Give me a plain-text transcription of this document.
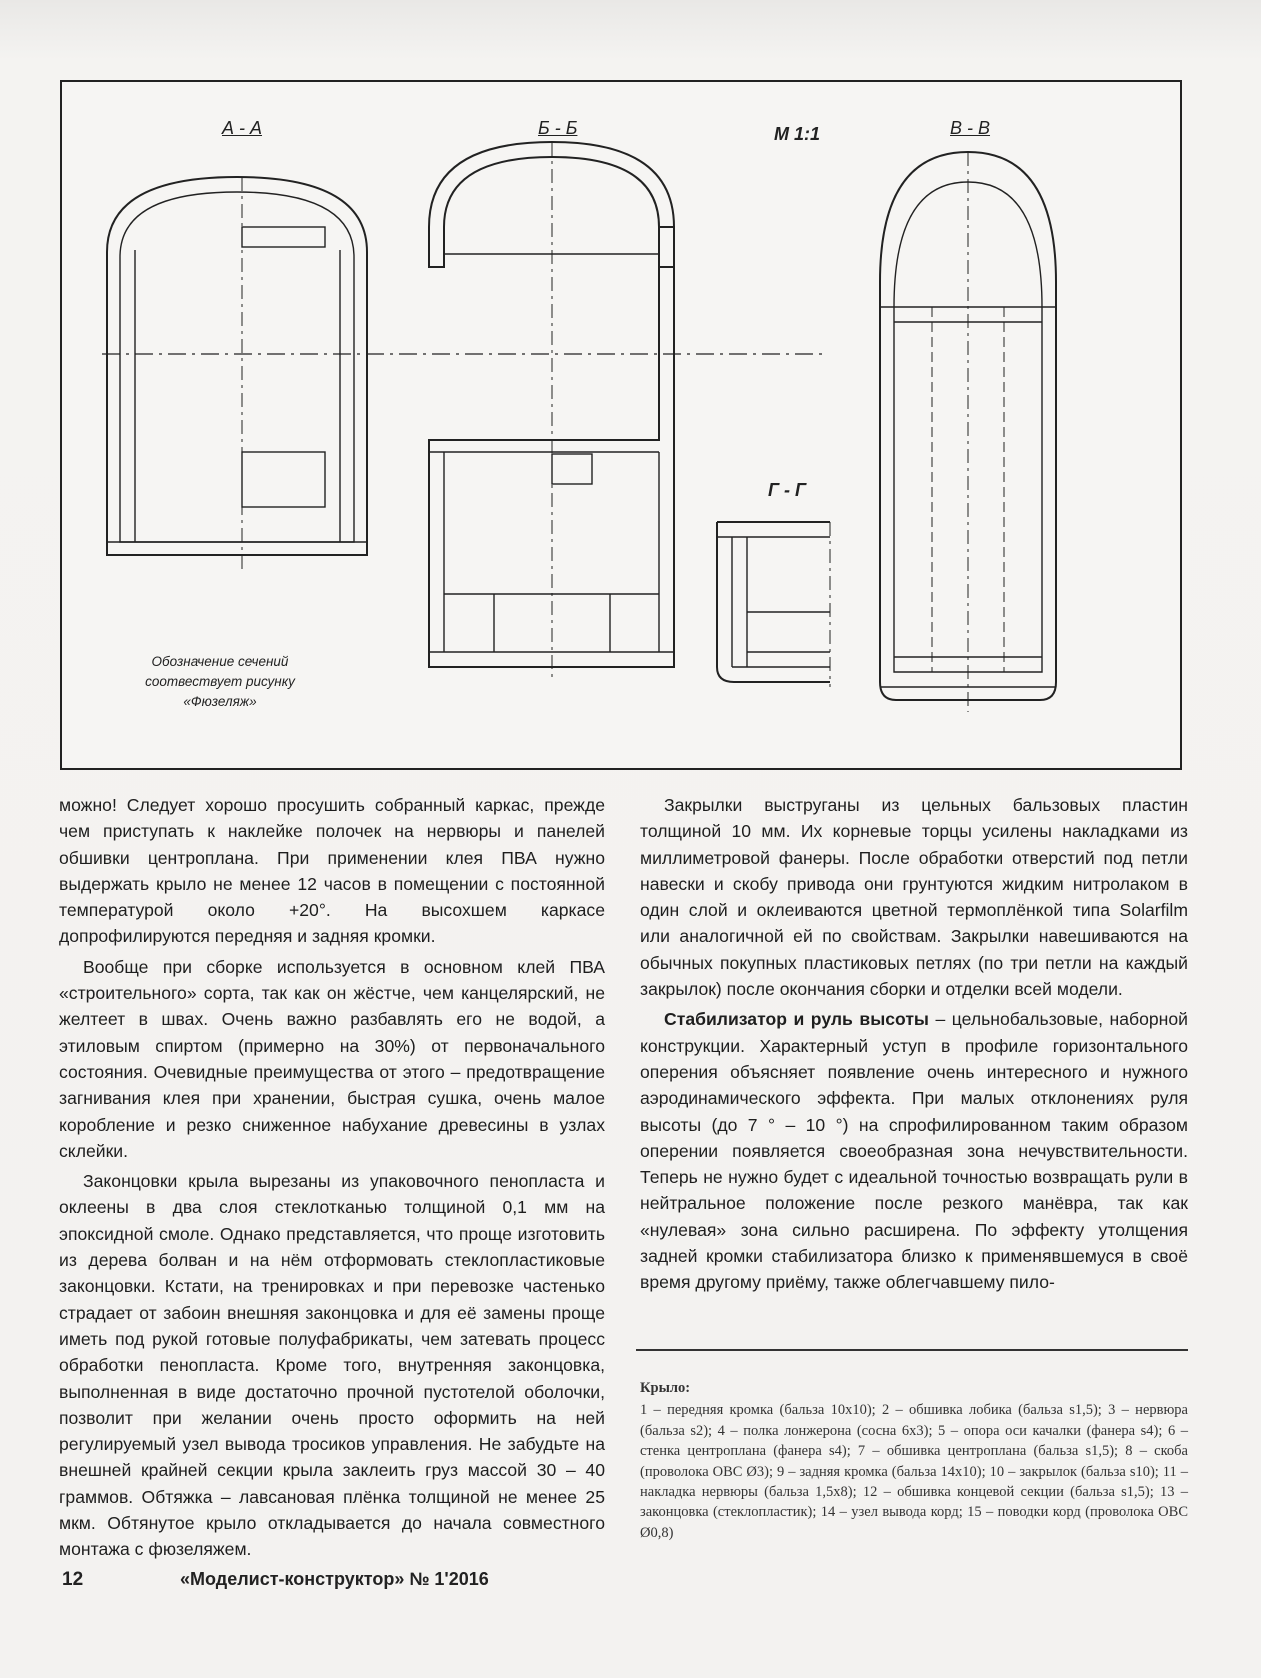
А - А	Б - Б	М 1:1	В - В
Г - Г
Обозначение сечений
соотвествует рисунку
«Фюзеляж»

можно! Следует хорошо просушить собранный каркас, прежде чем приступать к наклейке полочек на нервюры и панелей обшивки центроплана. При применении клея ПВА нужно выдержать крыло не менее 12 часов в помещении с постоянной температурой около +20°. На высохшем каркасе допрофилируются передняя и задняя кромки.

Вообще при сборке используется в основном клей ПВА «строительного» сорта, так как он жёстче, чем канцелярский, не желтеет в швах. Очень важно разбавлять его не водой, а этиловым спиртом (примерно на 30%) от первоначального состояния. Очевидные преимущества от этого – предотвращение загнивания клея при хранении, быстрая сушка, очень малое коробление и резко сниженное набухание древесины в узлах склейки.

Законцовки крыла вырезаны из упаковочного пенопласта и оклеены в два слоя стеклотканью толщиной 0,1 мм на эпоксидной смоле. Однако представляется, что проще изготовить из дерева болван и на нём отформовать стеклопластиковые законцовки. Кстати, на тренировках и при перевозке частенько страдает от забоин внешняя законцовка и для её замены проще иметь под рукой готовые полуфабрикаты, чем затевать процесс обработки пенопласта. Кроме того, внутренняя законцовка, выполненная в виде достаточно прочной пустотелой оболочки, позволит при желании очень просто оформить на ней регулируемый узел вывода тросиков управления. Не забудьте на внешней крайней секции крыла заклеить груз массой 30 – 40 граммов. Обтяжка – лавсановая плёнка толщиной не менее 25 мкм. Обтянутое крыло откладывается до начала совместного монтажа с фюзеляжем.

Закрылки выструганы из цельных бальзовых пластин толщиной 10 мм. Их корневые торцы усилены накладками из миллиметровой фанеры. После обработки отверстий под петли навески и скобу привода они грунтуются жидким нитролаком в один слой и оклеиваются цветной термоплёнкой типа Solarfilm или аналогичной ей по свойствам. Закрылки навешиваются на обычных покупных пластиковых петлях (по три петли на каждый закрылок) после окончания сборки и отделки всей модели.

Стабилизатор и руль высоты – цельнобальзовые, наборной конструкции. Характерный уступ в профиле горизонтального оперения объясняет появление очень интересного и нужного аэродинамического эффекта. При малых отклонениях руля высоты (до 7 ° – 10 °) на спрофилированном таким образом оперении появляется своеобразная зона нечувствительности. Теперь не нужно будет с идеальной точностью возвращать рули в нейтральное положение после резкого манёвра, так как «нулевая» зона сильно расширена. По эффекту утолщения задней кромки стабилизатора близко к применявшемуся в своё время другому приёму, также облегчавшему пило-

Крыло:
1 – передняя кромка (бальза 10х10); 2 – обшивка лобика (бальза s1,5); 3 – нервюра (бальза s2); 4 – полка лонжерона (сосна 6х3); 5 – опора оси качалки (фанера s4); 6 – стенка центроплана (фанера s4); 7 – обшивка центроплана (бальза s1,5); 8 – скоба (проволока ОВС Ø3); 9 – задняя кромка (бальза 14х10); 10 – закрылок (бальза s10); 11 – накладка нервюры (бальза 1,5х8); 12 – обшивка концевой секции (бальза s1,5); 13 – законцовка (стеклопластик); 14 – узел вывода корд; 15 – поводки корд (проволока ОВС Ø0,8)
12	«Моделист-конструктор» № 1'2016
